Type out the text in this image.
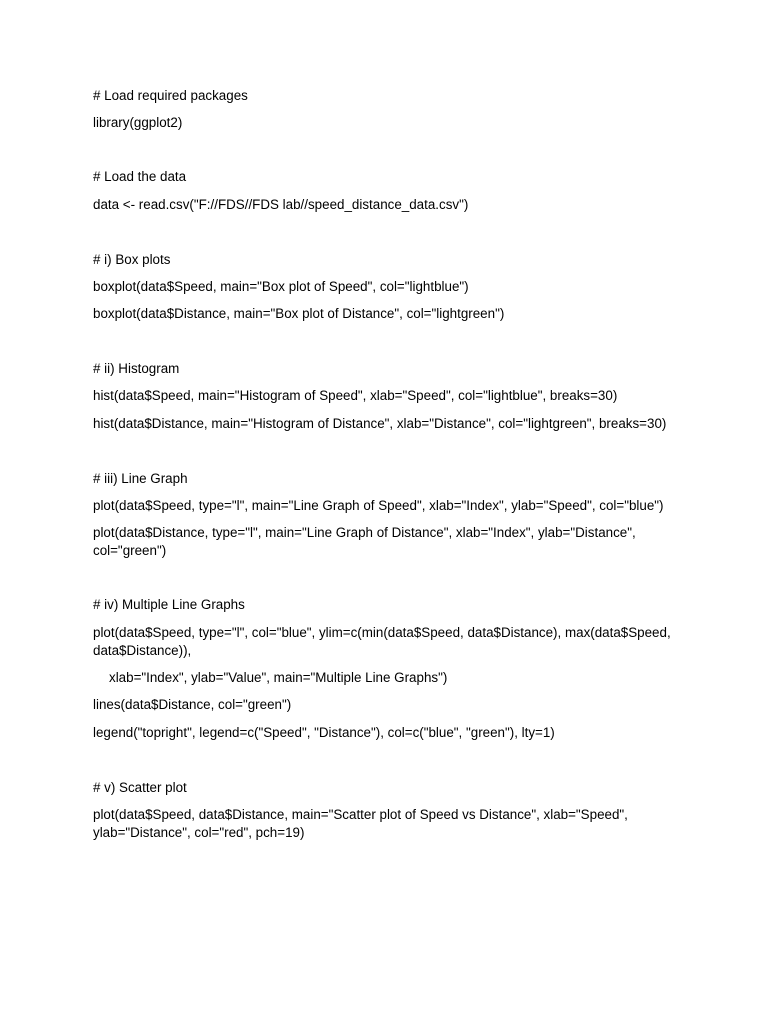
# Load required packages
library(ggplot2)
# Load the data
data <- read.csv("F://FDS//FDS lab//speed_distance_data.csv")
# i) Box plots
boxplot(data$Speed, main="Box plot of Speed", col="lightblue")
boxplot(data$Distance, main="Box plot of Distance", col="lightgreen")
# ii) Histogram
hist(data$Speed, main="Histogram of Speed", xlab="Speed", col="lightblue", breaks=30)
hist(data$Distance, main="Histogram of Distance", xlab="Distance", col="lightgreen", breaks=30)
# iii) Line Graph
plot(data$Speed, type="l", main="Line Graph of Speed", xlab="Index", ylab="Speed", col="blue")
plot(data$Distance, type="l", main="Line Graph of Distance", xlab="Index", ylab="Distance", col="green")
# iv) Multiple Line Graphs
plot(data$Speed, type="l", col="blue", ylim=c(min(data$Speed, data$Distance), max(data$Speed, data$Distance)),
xlab="Index", ylab="Value", main="Multiple Line Graphs")
lines(data$Distance, col="green")
legend("topright", legend=c("Speed", "Distance"), col=c("blue", "green"), lty=1)
# v) Scatter plot
plot(data$Speed, data$Distance, main="Scatter plot of Speed vs Distance", xlab="Speed", ylab="Distance", col="red", pch=19)
